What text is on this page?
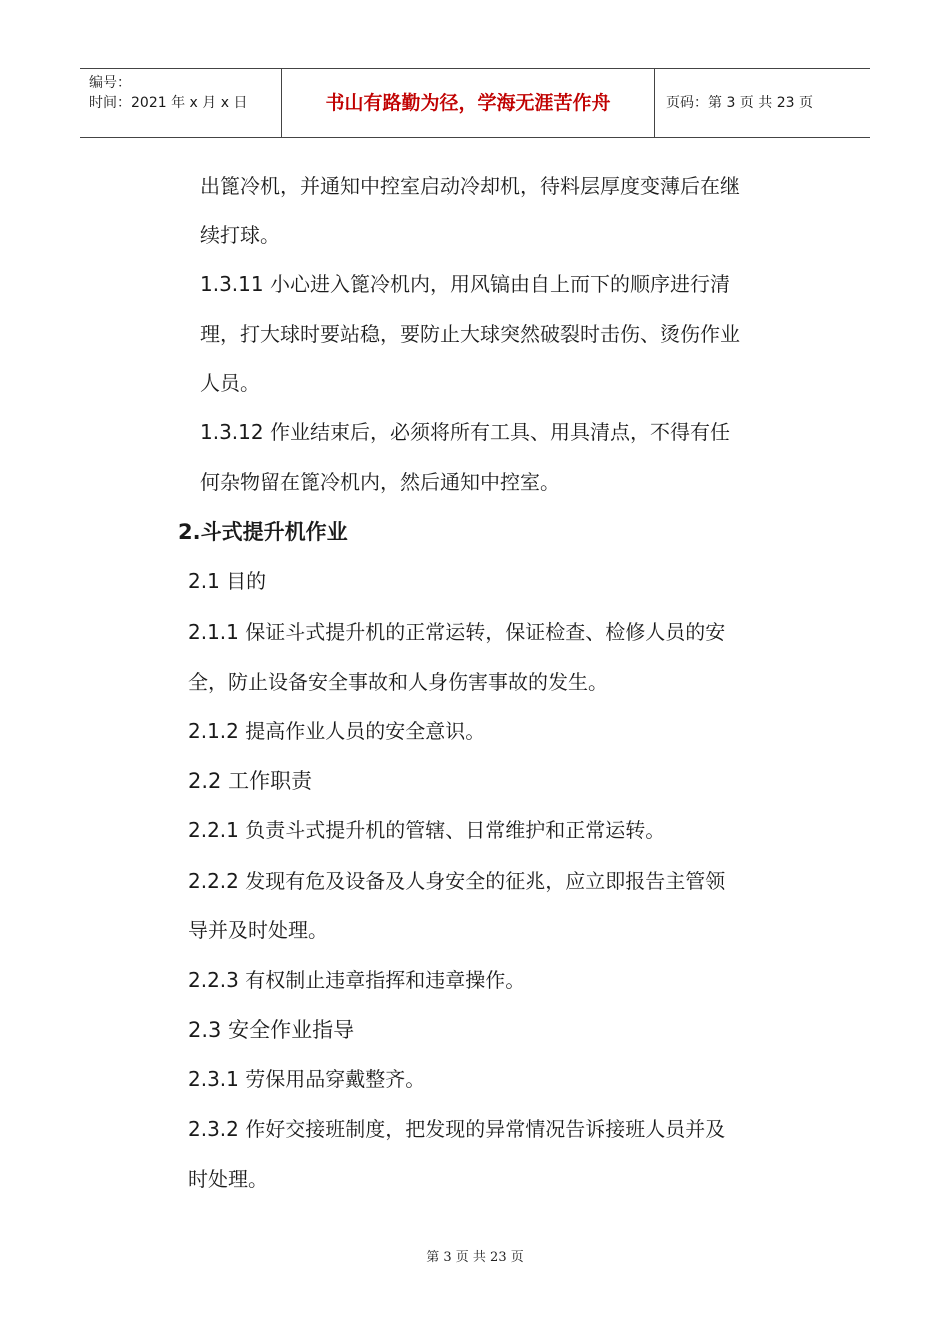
编号：
时间：2021 年 x 月 x 日	书山有路勤为径，学海无涯苦作舟	页码：第 3 页 共 23 页
出篦冷机，并通知中控室启动冷却机，待料层厚度变薄后在继
续打球。
1.3.11 小心进入篦冷机内，用风镐由自上而下的顺序进行清
理，打大球时要站稳，要防止大球突然破裂时击伤、烫伤作业
人员。
1.3.12 作业结束后，必须将所有工具、用具清点，不得有任
何杂物留在篦冷机内，然后通知中控室。
2.斗式提升机作业
2.1 目的
2.1.1 保证斗式提升机的正常运转，保证检查、检修人员的安
全，防止设备安全事故和人身伤害事故的发生。
2.1.2 提高作业人员的安全意识。
2.2 工作职责
2.2.1 负责斗式提升机的管辖、日常维护和正常运转。
2.2.2 发现有危及设备及人身安全的征兆，应立即报告主管领
导并及时处理。
2.2.3 有权制止违章指挥和违章操作。
2.3 安全作业指导
2.3.1 劳保用品穿戴整齐。
2.3.2 作好交接班制度，把发现的异常情况告诉接班人员并及
时处理。
第 3 页 共 23 页
